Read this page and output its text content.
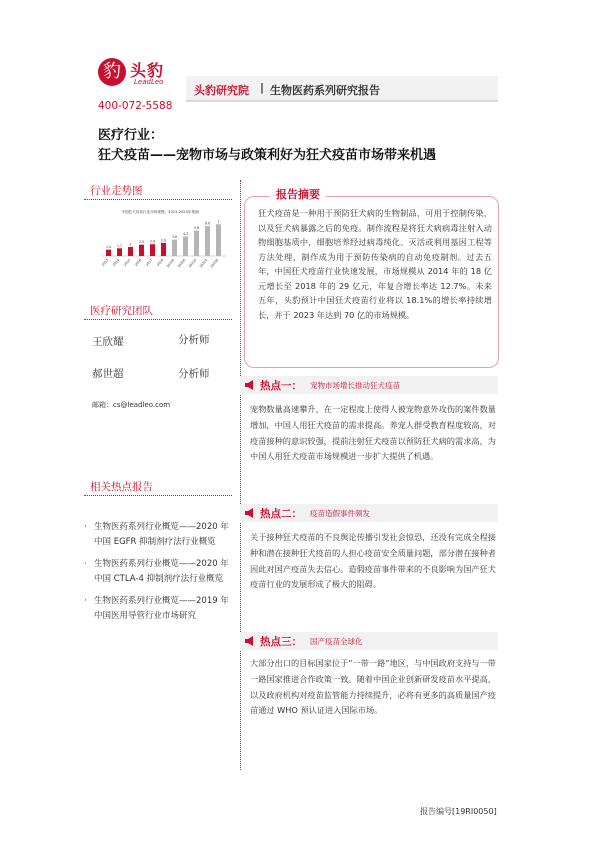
豹 头豹
LeadLeo
400-072-5588
头豹研究院 | 生物医药系列研究报告
医疗行业：
狂犬疫苗——宠物市场与政策利好为狂犬疫苗市场带来机遇
行业走势图
中国狂犬疫苗行业市场规模，2013-2023年预测
1.4
2013
1.7
2014
2
2015
2.5
2016
2.6
2017
2.9
2018
3.6
2019E
4.3
2020E
5.6
2021E
6.6
2022E
7
2023E
医疗研究团队
王欣耀	分析师
郝世超	分析师
邮箱：cs@leadleo.com
相关热点报告
· 生物医药系列行业概览——2020 年中国 EGFR 抑制剂疗法行业概览
· 生物医药系列行业概览——2020 年中国 CTLA-4 抑制剂疗法行业概览
· 生物医药系列行业概览——2019 年中国医用导管行业市场研究
报告摘要
狂犬疫苗是一种用于预防狂犬病的生物制品，可用于控制传染，以及狂犬病暴露之后的免疫。制作流程是将狂犬病病毒注射入动物细胞基质中，细胞培养经过病毒纯化、灭活或利用基因工程等方法处理，制作成为用于预防传染病的自动免疫制剂。过去五年，中国狂犬疫苗行业快速发展，市场规模从 2014 年的 18 亿元增长至 2018 年的 29 亿元，年复合增长率达 12.7%。未来五年，头豹预计中国狂犬疫苗行业将以 18.1%的增长率持续增长，并于 2023 年达到 70 亿的市场规模。
热点一： 宠物市场增长推动狂犬疫苗
宠物数量高速攀升，在一定程度上使得人被宠物意外攻伤的案件数量增加，中国人用狂犬疫苗的需求提高。养宠人群受教育程度较高，对疫苗接种的意识较强，提前注射狂犬疫苗以预防狂犬病的需求高，为中国人用狂犬疫苗市场规模进一步扩大提供了机遇。
热点二： 疫苗造假事件频发
关于接种狂犬疫苗的不良舆论传播引发社会惊恐，还没有完成全程接种和潜在接种狂犬疫苗的人担心疫苗安全质量问题，部分潜在接种者因此对国产疫苗失去信心。造假疫苗事件带来的不良影响为国产狂犬疫苗行业的发展形成了极大的阻碍。
热点三： 国产疫苗全球化
大部分出口的目标国家位于“一带一路”地区，与中国政府支持与一带一路国家推进合作政策一致。随着中国企业创新研发疫苗水平提高，以及政府机构对疫苗监管能力持续提升，必将有更多的高质量国产疫苗通过 WHO 预认证进入国际市场。
报告编号[19RI0050]
